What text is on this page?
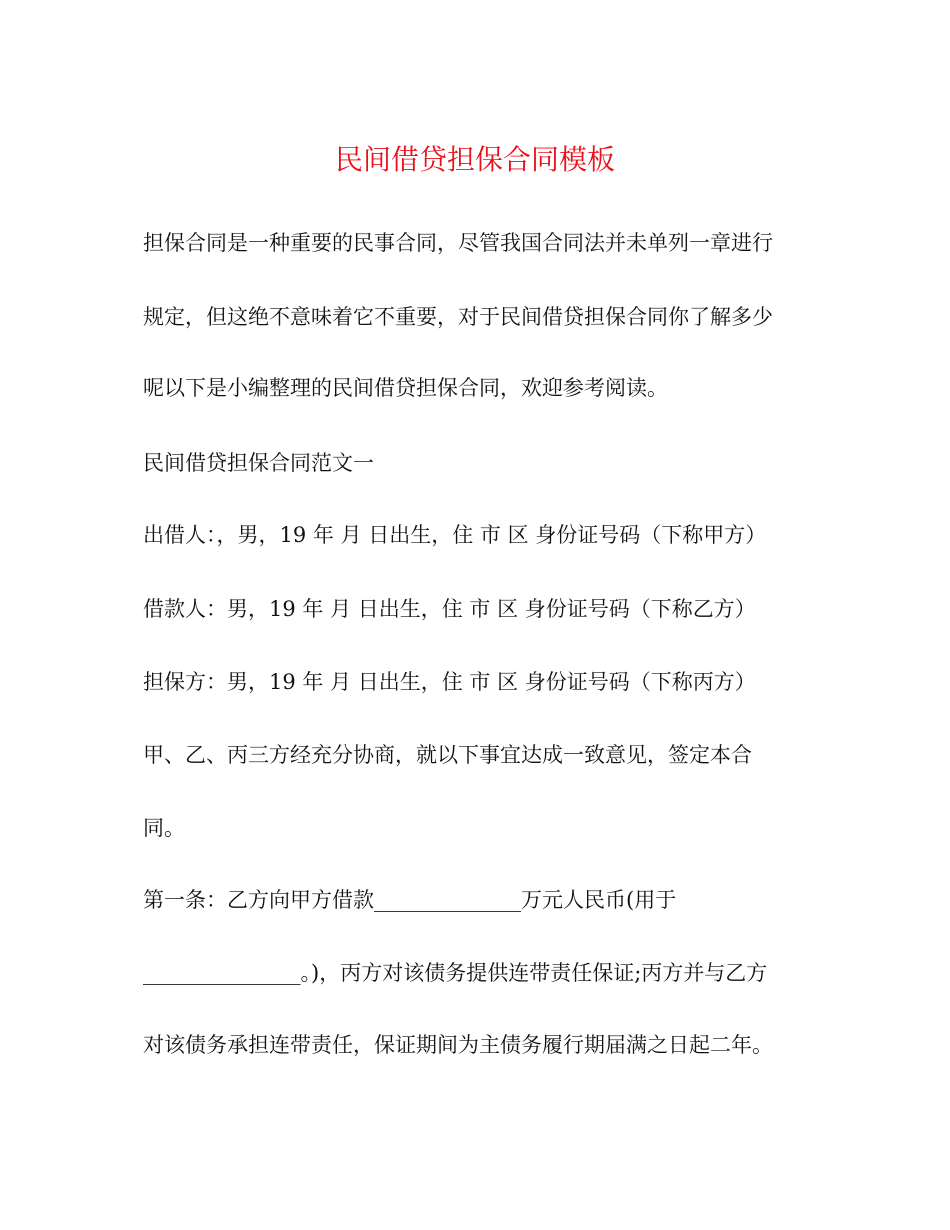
民间借贷担保合同模板
担保合同是一种重要的民事合同，尽管我国合同法并未单列一章进行
规定，但这绝不意味着它不重要，对于民间借贷担保合同你了解多少
呢以下是小编整理的民间借贷担保合同，欢迎参考阅读。
民间借贷担保合同范文一
出借人：，男，19 年 月 日出生，住 市 区 身份证号码（下称甲方）
借款人：男，19 年 月 日出生，住 市 区 身份证号码（下称乙方）
担保方：男，19 年 月 日出生，住 市 区 身份证号码（下称丙方）
甲、乙、丙三方经充分协商，就以下事宜达成一致意见，签定本合
同。
第一条：乙方向甲方借款______________万元人民币(用于
_______________。)，丙方对该债务提供连带责任保证;丙方并与乙方
对该债务承担连带责任，保证期间为主债务履行期届满之日起二年。
